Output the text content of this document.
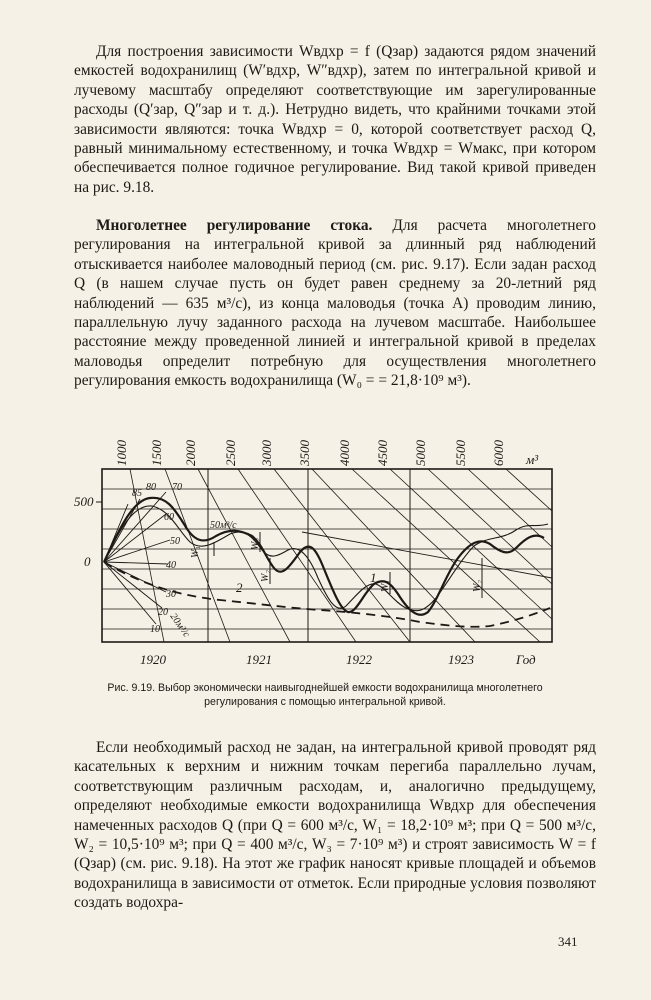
Для построения зависимости Wвдхр = f (Qзар) задаются рядом значений емкостей водохранилищ (W′вдхр, W″вдхр), затем по интегральной кривой и лучевому масштабу определяют соответствующие им зарегулированные расходы (Q′зар, Q″зар и т. д.). Нетрудно видеть, что крайними точками этой зависимости являются: точка Wвдхр = 0, которой соответствует расход Q, равный минимальному естественному, и точка Wвдхр = Wмакс, при котором обеспечивается полное годичное регулирование. Вид такой кривой приведен на рис. 9.18.

Многолетнее регулирование стока. Для расчета многолетнего регулирования на интегральной кривой за длинный ряд наблюдений отыскивается наиболее маловодный период (см. рис. 9.17). Если задан расход Q (в нашем случае пусть он будет равен среднему за 20-летний ряд наблюдений — 635 м³/с), из конца маловодья (точка A) проводим линию, параллельную лучу заданного расхода на лучевом масштабе. Наибольшее расстояние между проведенной линией и интегральной кривой в пределах маловодья определит потребную для осуществления многолетнего регулирования емкость водохранилища (W₀ = = 21,8·10⁹ м³).

1000 1500 2000 2500 3000 3500 4000 4500 5000 5500 6000 м³
500
0
85
80 70
60
50
40
30
20
10
50м³/с
20м³/с
W₁
W₂
W₂
W₁	W₂
1
2
1920	1921	1922	1923	Год

Рис. 9.19. Выбор экономически наивыгоднейшей емкости водохранилища многолетнего регулирования с помощью интегральной кривой.

Если необходимый расход не задан, на интегральной кривой проводят ряд касательных к верхним и нижним точкам перегиба параллельно лучам, соответствующим различным расходам, и, аналогично предыдущему, определяют необходимые емкости водохранилища Wвдхр для обеспечения намеченных расходов Q (при Q = 600 м³/с, W₁ = 18,2·10⁹ м³; при Q = 500 м³/с, W₂ = 10,5·10⁹ м³; при Q = 400 м³/с, W₃ = 7·10⁹ м³) и строят зависимость W = f (Qзар) (см. рис. 9.18). На этот же график наносят кривые площадей и объемов водохранилища в зависимости от отметок. Если природные условия позволяют создать водохра-

341
